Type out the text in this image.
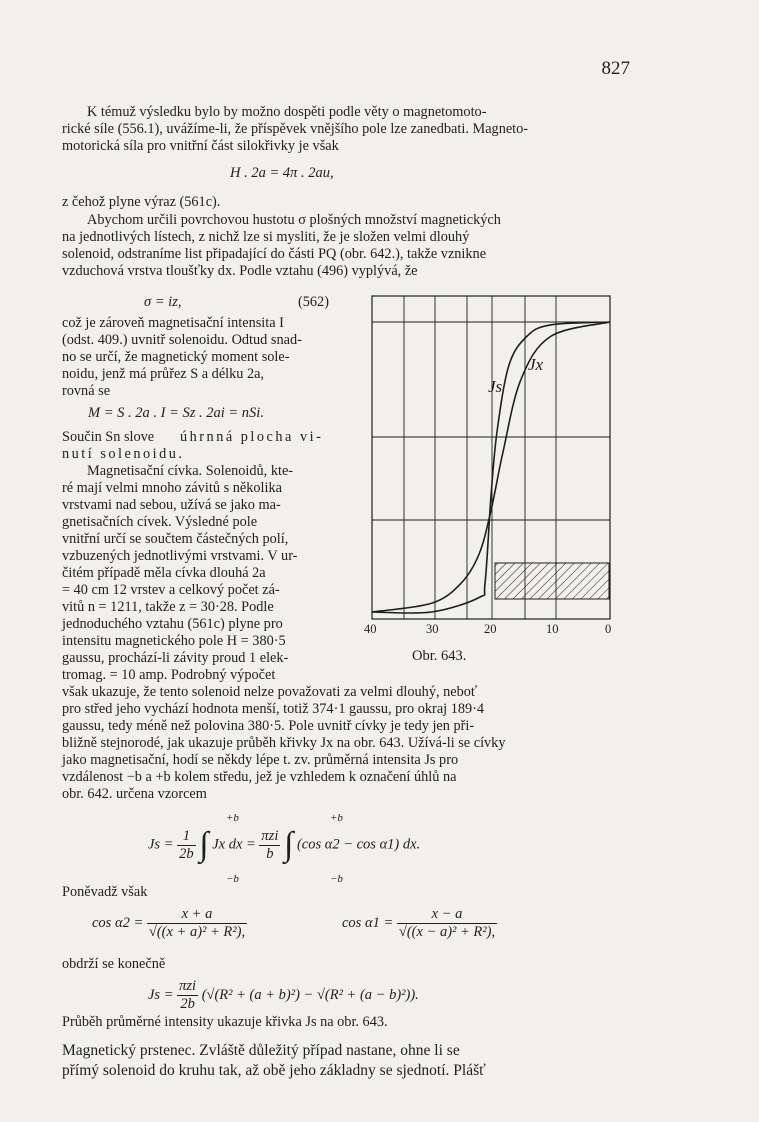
827

K témuž výsledku bylo by možno dospěti podle věty o magnetomoto-

rické síle (556.1), uvážíme-li, že příspěvek vnějšího pole lze zanedbati. Magneto-

motorická síla pro vnitřní část silokřivky je však

H . 2a = 4π . 2au,

z čehož plyne výraz (561c).

Abychom určili povrchovou hustotu σ plošných množství magnetických

na jednotlivých lístech, z nichž lze si mysliti, že je složen velmi dlouhý

solenoid, odstraníme list připadající do části PQ (obr. 642.), takže vznikne

vzduchová vrstva tloušťky dx. Podle vztahu (496) vyplývá, že

σ = iz,	(562)

což je zároveň magnetisační intensita I

(odst. 409.) uvnitř solenoidu. Odtud snad-

no se určí, že magnetický moment sole-

noidu, jenž má průřez S a délku 2a,

rovná se

M = S . 2a . I = Sz . 2ai = nSi.

Součin Sn slove úhrnná plocha vi-

nutí solenoidu.

Magnetisační cívka. Solenoidů, kte-

ré mají velmi mnoho závitů s několika

vrstvami nad sebou, užívá se jako ma-

gnetisačních cívek. Výsledné pole

vnitřní určí se součtem částečných polí,

vzbuzených jednotlivými vrstvami. V ur-

čitém případě měla cívka dlouhá 2a

= 40 cm 12 vrstev a celkový počet zá-

vitů n = 1211, takže z = 30·28. Podle

jednoduchého vztahu (561c) plyne pro

intensitu magnetického pole H = 380·5

gaussu, prochází-li závity proud 1 elek-

tromag. = 10 amp. Podrobný výpočet

Js
Jx
40	30	20	10	0
Obr. 643.

však ukazuje, že tento solenoid nelze považovati za velmi dlouhý, neboť

pro střed jeho vychází hodnota menší, totiž 374·1 gaussu, pro okraj 189·4

gaussu, tedy méně než polovina 380·5. Pole uvnitř cívky je tedy jen při-

bližně stejnorodé, jak ukazuje průběh křivky Jx na obr. 643. Užívá-li se cívky

jako magnetisační, hodí se někdy lépe t. zv. průměrná intensita Js pro

vzdálenost −b a +b kolem středu, jež je vzhledem k označení úhlů na

obr. 642. určena vzorcem

$Js = \frac{1}{2b}$ ∫ Jx dx = $\frac{\text{πzi}}{b}$ ∫ (cos α2 − cos α1) dx.
+b
−b
+b
−b

Poněvadž však

$\cos \alpha 2 = \frac{x + a}{\text{√((x + a)² + R²),}}$	$\cos \alpha 1 = \frac{x - a}{\text{√((x − a)² + R²),}}$

obdrží se konečně

$Js = \frac{\text{πzi}}{2b} (√(R^2 + (a + b)^2) - √(R^2 + (a - b)^2))$.

Průběh průměrné intensity ukazuje křivka Js na obr. 643.

Magnetický prstenec. Zvláště důležitý případ nastane, ohne li se

přímý solenoid do kruhu tak, až obě jeho základny se sjednotí. Plášť
